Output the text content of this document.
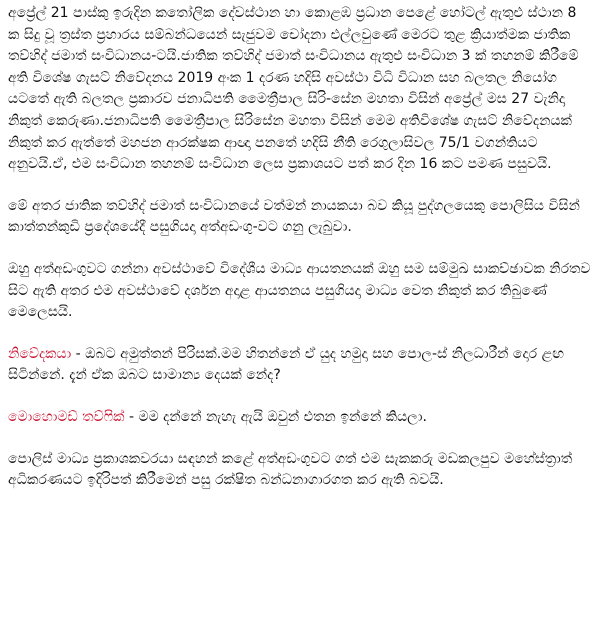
අප්‍රේල් 21 පාස්කු ඉරුදින කතෝලික දේවස්ථාන හා කොළඹ ප්‍රධාන පෙළේ හෝටල් ඇතුළු ස්ථාන 8 ක සිදු වූ ත්‍රස්ත ප්‍රහාරය සම්බන්ධයෙන් සැජුවම චෝදනා එල්ලවුණේ මෙරට තුළ ක්‍රියාත්මක ජාතික තව්හිද් ජමාත් සංවිධානය-ටයි.ජාතික තව්හිද් ජමාත් සංවිධානය ඇතුළු සංවිධාන 3 ක් තහනම් කිරීමේ අති විශේෂ ගැසට් නිවේදනය 2019 අංක 1 දරණ හදිසි අවස්ථා විධි විධාන සහ බලතල නියෝග යටතේ ඇති බලතල ප්‍රකාරව ජනාධිපති මෛත්‍රීපාල සිරි-සේන මහතා විසින් අප්‍රේල් මස 27 වැනිදා නිකුත් කෙරුණා.ජනාධිපති මෛත්‍රීපාල සිරිසේන මහතා විසින් මෙම අතිවිශේෂ ගැසට් නිවේදනයක් නිකුත් කර ඇත්තේ මහජන ආරක්ෂක ආඥා පනතේ හදිසි නීති රෙගුලාසිවල 75/1 වගන්තියට අනුවයි.ඒ, එම සංවිධාන තහනම් සංවිධාන ලෙස ප්‍රකාශයට පත් කර දින 16 කට පමණ පසුවයි.

මේ අතර ජාතික තව්හිද් ජමාත් සංවිධානයේ වත්මන් නායකයා බව කියූ පුද්ගලයෙකු පොලිසිය විසින් කාත්තන්කුඩි ප්‍රදේශයේදී පසුගියදා අත්අඩංගු-වට ගනු ලැබුවා.

ඔහු අත්අඩංගුවට ගන්නා අවස්ථාවේ විදේශීය මාධ්‍ය ආයතනයක් ඔහු සම සම්මුඛ සාකච්ඡාවක නිරතව සිට ඇති අතර එම අවස්ථාවේ දර්ශන අදාළ ආයතනය පසුගියදා මාධ්‍ය වෙත නිකුත් කර තිබුණේ මෙලෙසයි.

නිවේදකයා - ඔබට අමුත්තන් පිරිසක්.මම හිතන්නේ ඒ යුද හමුදා සහ පොල-ස් නිලධාරීන් දොර ළඟ සිටින්නේ. දැන් ඒක ඔබට සාමාන්‍ය දෙයක් නේද?

මොහොමඩ් තව්ෆික් - මම දන්නේ නැහැ ඇයි ඔවුන් එතන ඉන්නේ කියලා.

පොලිස් මාධ්‍ය ප්‍රකාශකවරයා සඳහන් කළේ අත්අඩංගුවට ගත් එම සැකකරු මඩකලපුව මහේස්ත්‍රාත් අධිකරණයට ඉදිරිපත් කිරීමෙන් පසු රක්ෂිත බන්ධනාගාරගත කර ඇති බවයි.
